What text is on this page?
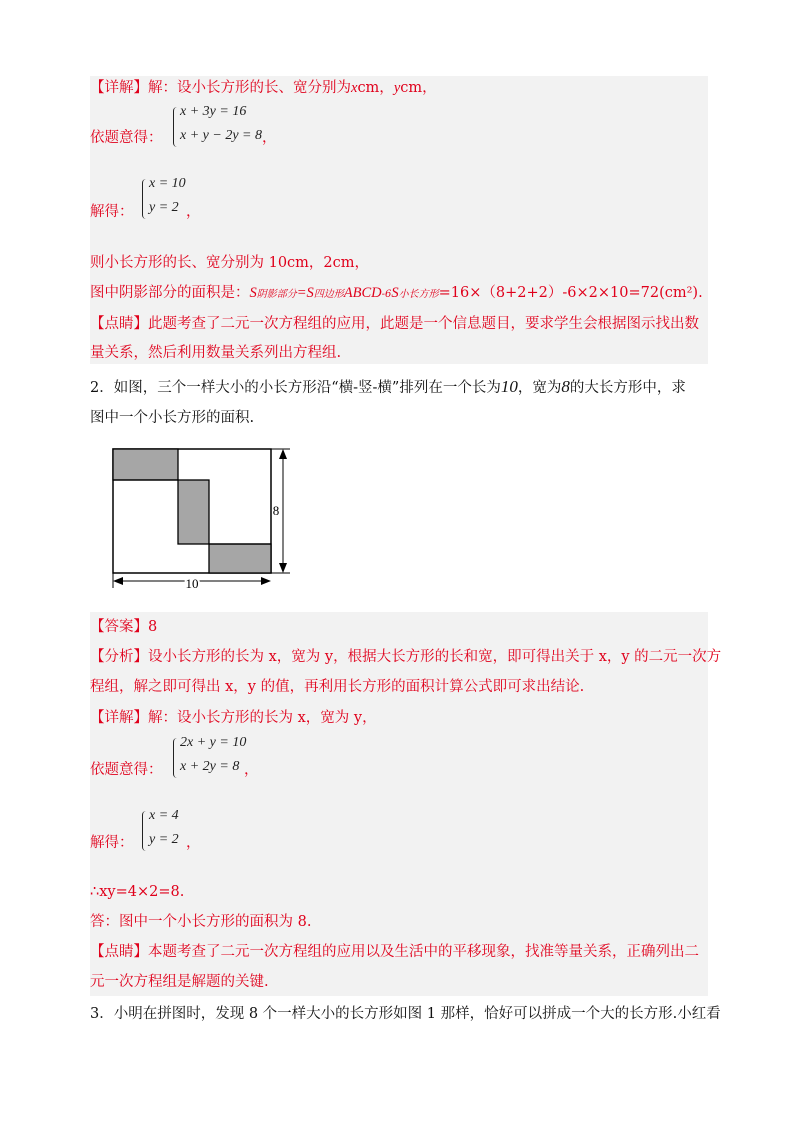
【详解】解：设小长方形的长、宽分别为xcm，ycm，
x + 3y = 16
x + y − 2y = 8
依题意得：	，
x = 10
y = 2
解得：	，
则小长方形的长、宽分别为 10cm，2cm，
图中阴影部分的面积是：S阴影部分=S四边形ABCD-6S小长方形=16×（8+2+2）-6×2×10=72(cm²).
【点睛】此题考查了二元一次方程组的应用，此题是一个信息题目，要求学生会根据图示找出数
量关系，然后利用数量关系列出方程组.
2．如图，三个一样大小的小长方形沿“横-竖-横”排列在一个长为10，宽为8的大长方形中，求
图中一个小长方形的面积.
8
10
【答案】8
【分析】设小长方形的长为 x，宽为 y，根据大长方形的长和宽，即可得出关于 x，y 的二元一次方
程组，解之即可得出 x，y 的值，再利用长方形的面积计算公式即可求出结论.
【详解】解：设小长方形的长为 x，宽为 y，
2x + y = 10
x + 2y = 8
依题意得：	，
x = 4
y = 2
解得：	，
∴xy=4×2=8.
答：图中一个小长方形的面积为 8.
【点睛】本题考查了二元一次方程组的应用以及生活中的平移现象，找准等量关系，正确列出二
元一次方程组是解题的关键.
3．小明在拼图时，发现 8 个一样大小的长方形如图 1 那样，恰好可以拼成一个大的长方形.小红看
